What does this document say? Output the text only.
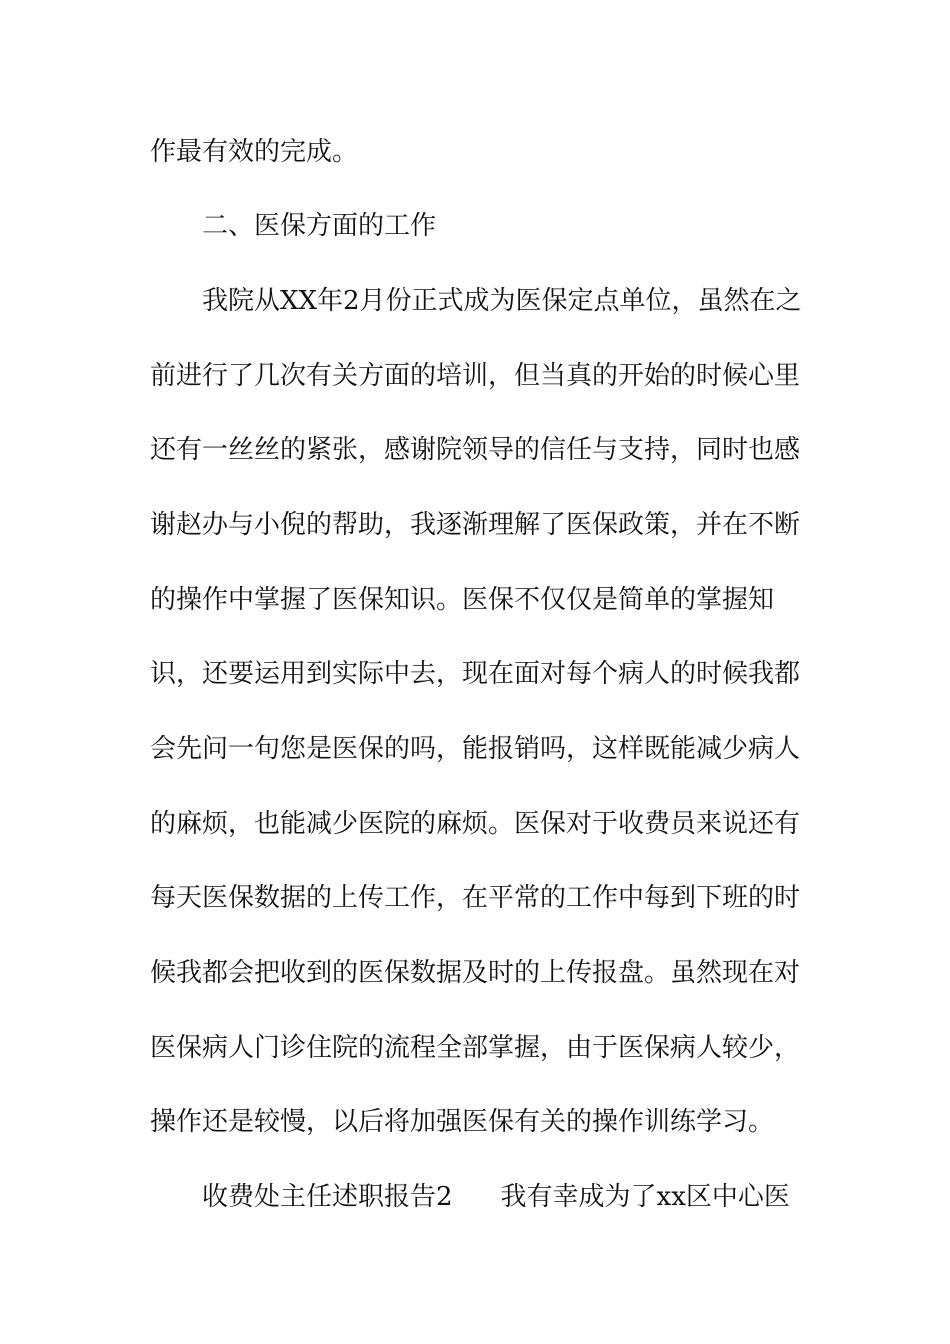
作最有效的完成。
二、医保方面的工作
我院从XX年2月份正式成为医保定点单位，虽然在之
前进行了几次有关方面的培训，但当真的开始的时候心里
还有一丝丝的紧张，感谢院领导的信任与支持，同时也感
谢赵办与小倪的帮助，我逐渐理解了医保政策，并在不断
的操作中掌握了医保知识。医保不仅仅是简单的掌握知
识，还要运用到实际中去，现在面对每个病人的时候我都
会先问一句您是医保的吗，能报销吗，这样既能减少病人
的麻烦，也能减少医院的麻烦。医保对于收费员来说还有
每天医保数据的上传工作，在平常的工作中每到下班的时
候我都会把收到的医保数据及时的上传报盘。虽然现在对
医保病人门诊住院的流程全部掌握，由于医保病人较少，
操作还是较慢，以后将加强医保有关的操作训练学习。
收费处主任述职报告2 我有幸成为了xx区中心医
